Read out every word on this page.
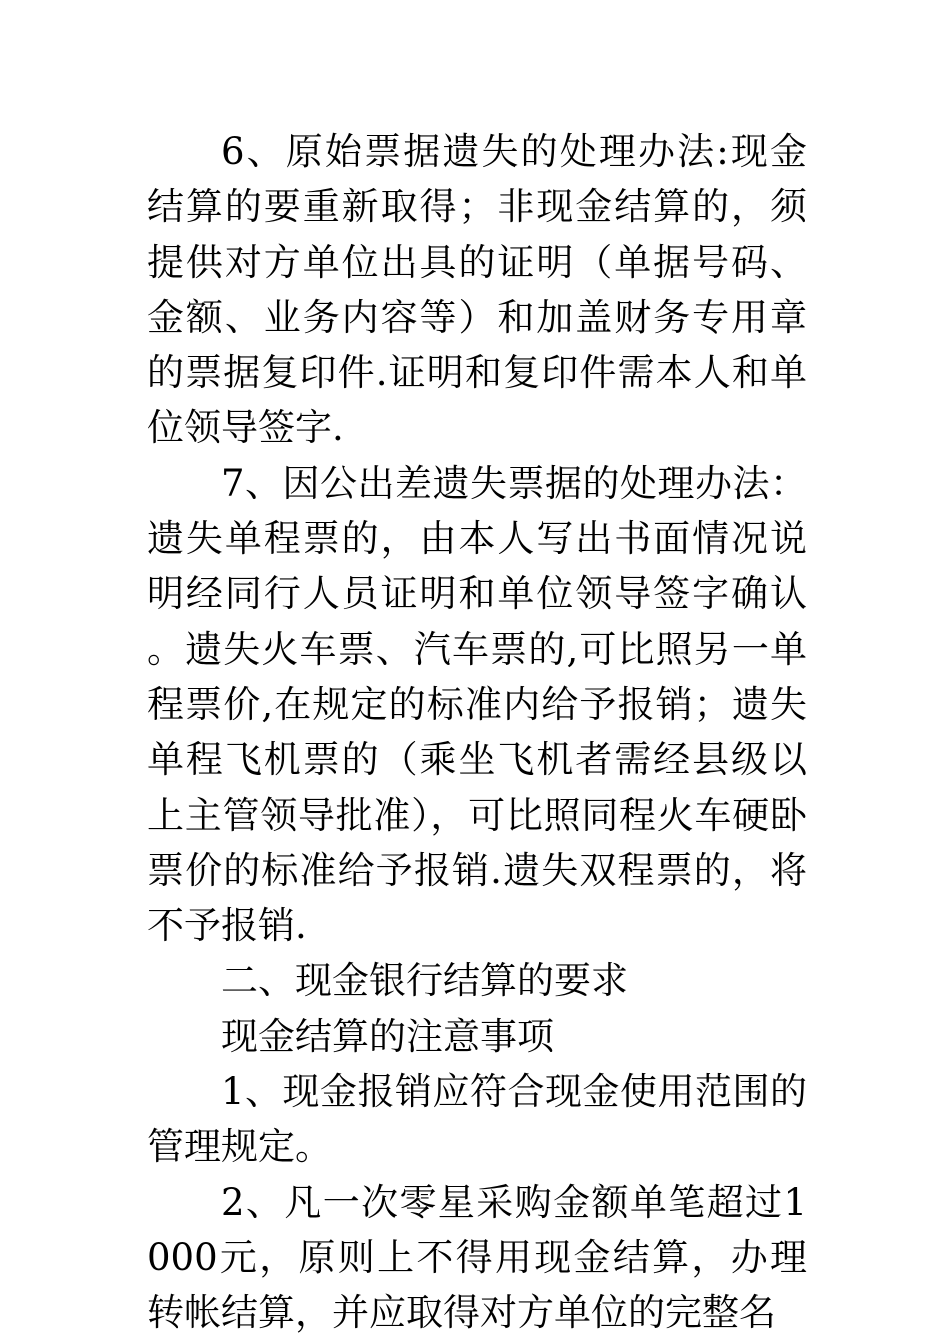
6、原始票据遗失的处理办法:现金结算的要重新取得；非现金结算的，须提供对方单位出具的证明（单据号码、金额、业务内容等）和加盖财务专用章的票据复印件.证明和复印件需本人和单位领导签字.

7、因公出差遗失票据的处理办法：遗失单程票的，由本人写出书面情况说明经同行人员证明和单位领导签字确认。遗失火车票、汽车票的,可比照另一单程票价,在规定的标准内给予报销；遗失单程飞机票的（乘坐飞机者需经县级以上主管领导批准），可比照同程火车硬卧票价的标准给予报销.遗失双程票的，将不予报销.

二、现金银行结算的要求

现金结算的注意事项

1、现金报销应符合现金使用范围的管理规定。

2、凡一次零星采购金额单笔超过1000元，原则上不得用现金结算，办理转帐结算，并应取得对方单位的完整名
